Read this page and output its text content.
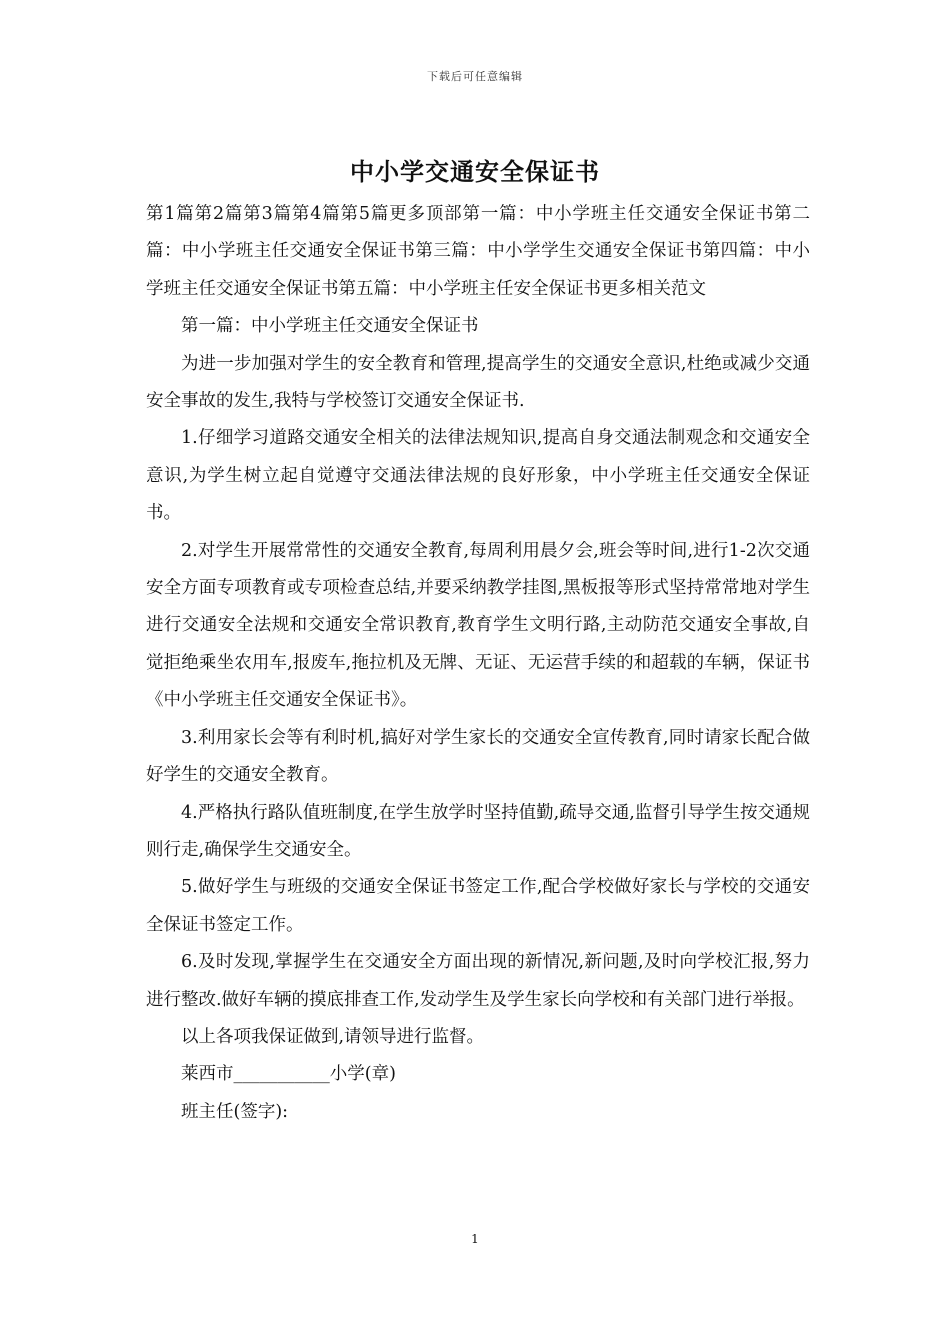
下载后可任意编辑
中小学交通安全保证书

第1篇第2篇第3篇第4篇第5篇更多顶部第一篇：中小学班主任交通安全保证书第二篇：中小学班主任交通安全保证书第三篇：中小学学生交通安全保证书第四篇：中小学班主任交通安全保证书第五篇：中小学班主任安全保证书更多相关范文

第一篇：中小学班主任交通安全保证书

为进一步加强对学生的安全教育和管理,提高学生的交通安全意识,杜绝或减少交通安全事故的发生,我特与学校签订交通安全保证书.

1.仔细学习道路交通安全相关的法律法规知识,提高自身交通法制观念和交通安全意识,为学生树立起自觉遵守交通法律法规的良好形象，中小学班主任交通安全保证书。

2.对学生开展常常性的交通安全教育,每周利用晨夕会,班会等时间,进行1-2次交通安全方面专项教育或专项检查总结,并要采纳教学挂图,黑板报等形式坚持常常地对学生进行交通安全法规和交通安全常识教育,教育学生文明行路,主动防范交通安全事故,自觉拒绝乘坐农用车,报废车,拖拉机及无牌、无证、无运营手续的和超载的车辆，保证书《中小学班主任交通安全保证书》。

3.利用家长会等有利时机,搞好对学生家长的交通安全宣传教育,同时请家长配合做好学生的交通安全教育。

4.严格执行路队值班制度,在学生放学时坚持值勤,疏导交通,监督引导学生按交通规则行走,确保学生交通安全。

5.做好学生与班级的交通安全保证书签定工作,配合学校做好家长与学校的交通安全保证书签定工作。

6.及时发现,掌握学生在交通安全方面出现的新情况,新问题,及时向学校汇报,努力进行整改.做好车辆的摸底排查工作,发动学生及学生家长向学校和有关部门进行举报。

以上各项我保证做到,请领导进行监督。

莱西市___________小学(章)

班主任(签字):

1
